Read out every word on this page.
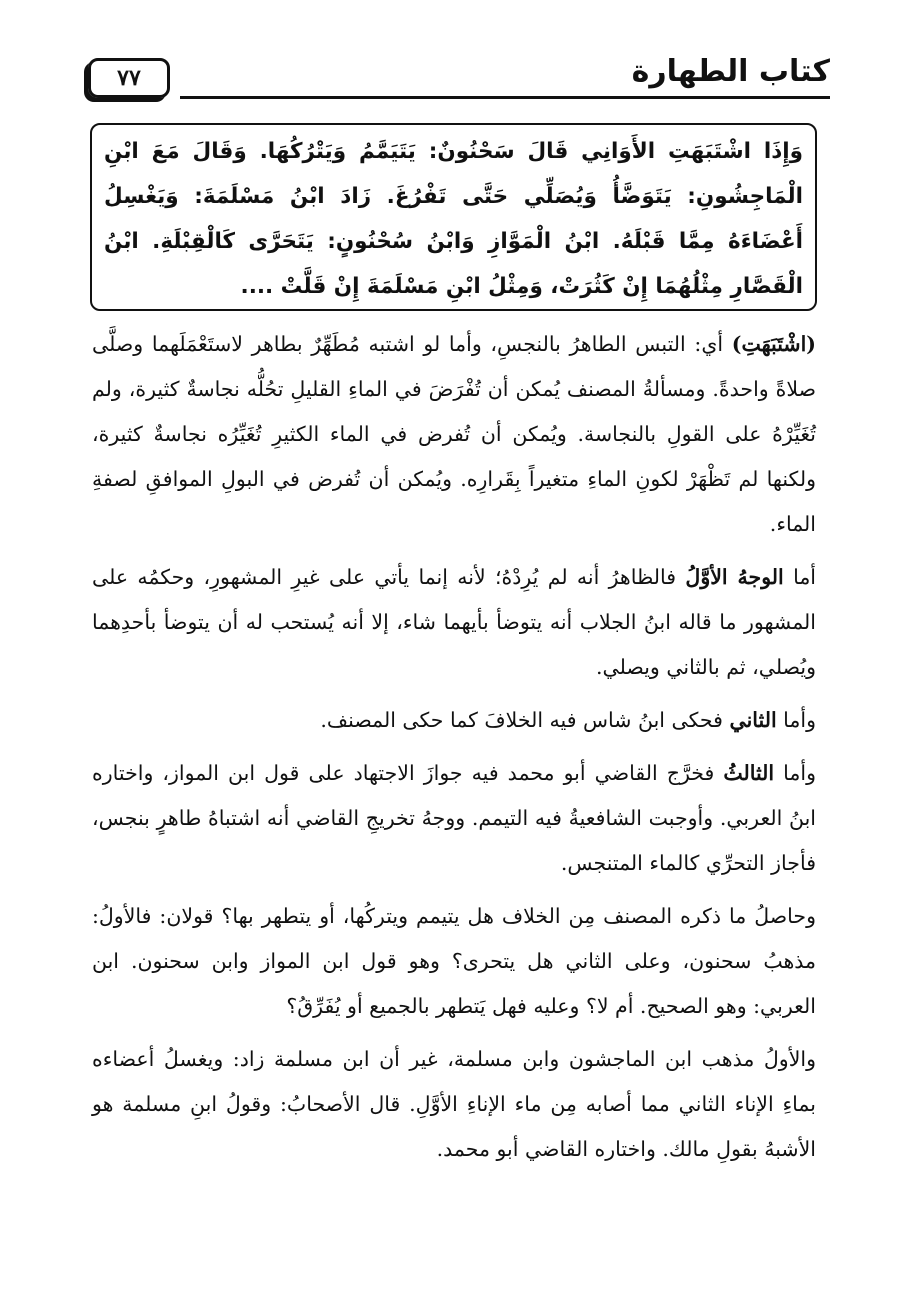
كتاب الطهارة
٧٧

وَإِذَا اشْتَبَهَتِ الأَوَانِي قَالَ سَحْنُونٌ: يَتَيَمَّمُ وَيَتْرُكُهَا. وَقَالَ مَعَ ابْنِ الْمَاجِشُونِ: يَتَوَضَّأُ وَيُصَلِّي حَتَّى تَفْرُغَ. زَادَ ابْنُ مَسْلَمَةَ: وَيَغْسِلُ أَعْضَاءَهُ مِمَّا قَبْلَهُ. ابْنُ الْمَوَّازِ وَابْنُ سُحْنُونٍ: يَتَحَرَّى كَالْقِبْلَةِ. ابْنُ الْقَصَّارِ مِثْلُهُمَا إِنْ كَثُرَتْ، وَمِثْلُ ابْنِ مَسْلَمَةَ إِنْ قَلَّتْ ....

(اشْتَبَهَتِ) أي: التبس الطاهرُ بالنجسِ، وأما لو اشتبه مُطَهِّرٌ بطاهر لاستَعْمَلَهما وصلَّى صلاةً واحدةً. ومسألةُ المصنف يُمكن أن تُفْرَضَ في الماءِ القليلِ تحُلُّه نجاسةٌ كثيرة، ولم تُغَيِّرْهُ على القولِ بالنجاسة. ويُمكن أن تُفرض في الماء الكثيرِ تُغَيِّرُه نجاسةٌ كثيرة، ولكنها لم تَظْهَرْ لكونِ الماءِ متغيراً بِقَرارِه. ويُمكن أن تُفرض في البولِ الموافقِ لصفةِ الماء.

أما الوجهُ الأوَّلُ فالظاهرُ أنه لم يُرِدْهُ؛ لأنه إنما يأتي على غيرِ المشهورِ، وحكمُه على المشهور ما قاله ابنُ الجلاب أنه يتوضأ بأيهما شاء، إلا أنه يُستحب له أن يتوضأ بأحدِهما ويُصلي، ثم بالثاني ويصلي.

وأما الثاني فحكى ابنُ شاس فيه الخلافَ كما حكى المصنف.

وأما الثالثُ فخرَّج القاضي أبو محمد فيه جوازَ الاجتهاد على قول ابن المواز، واختاره ابنُ العربي. وأوجبت الشافعيةُ فيه التيمم. ووجهُ تخريجِ القاضي أنه اشتباهُ طاهرٍ بنجس، فأجاز التحرِّي كالماء المتنجس.

وحاصلُ ما ذكره المصنف مِن الخلاف هل يتيمم ويتركُها، أو يتطهر بها؟ قولان: فالأولُ: مذهبُ سحنون، وعلى الثاني هل يتحرى؟ وهو قول ابن المواز وابن سحنون. ابن العربي: وهو الصحيح. أم لا؟ وعليه فهل يَتطهر بالجميع أو يُفَرِّقُ؟

والأولُ مذهب ابن الماجشون وابن مسلمة، غير أن ابن مسلمة زاد: ويغسلُ أعضاءه بماءِ الإناء الثاني مما أصابه مِن ماء الإناءِ الأوَّلِ. قال الأصحابُ: وقولُ ابنِ مسلمة هو الأشبهُ بقولِ مالك. واختاره القاضي أبو محمد.
